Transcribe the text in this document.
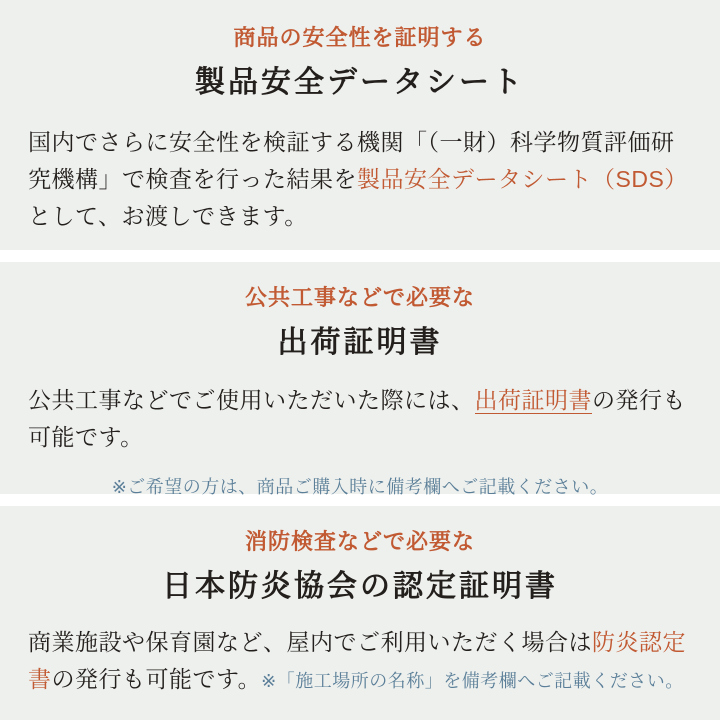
商品の安全性を証明する

製品安全データシート

国内でさらに安全性を検証する機関「（一財）科学物質評価研究機構」で検査を行った結果を製品安全データシート（SDS）として、お渡しできます。

公共工事などで必要な

出荷証明書

公共工事などでご使用いただいた際には、出荷証明書の発行も可能です。

※ご希望の方は、商品ご購入時に備考欄へご記載ください。

消防検査などで必要な

日本防炎協会の認定証明書

商業施設や保育園など、屋内でご利用いただく場合は防炎認定書の発行も可能です。※「施工場所の名称」を備考欄へご記載ください。
